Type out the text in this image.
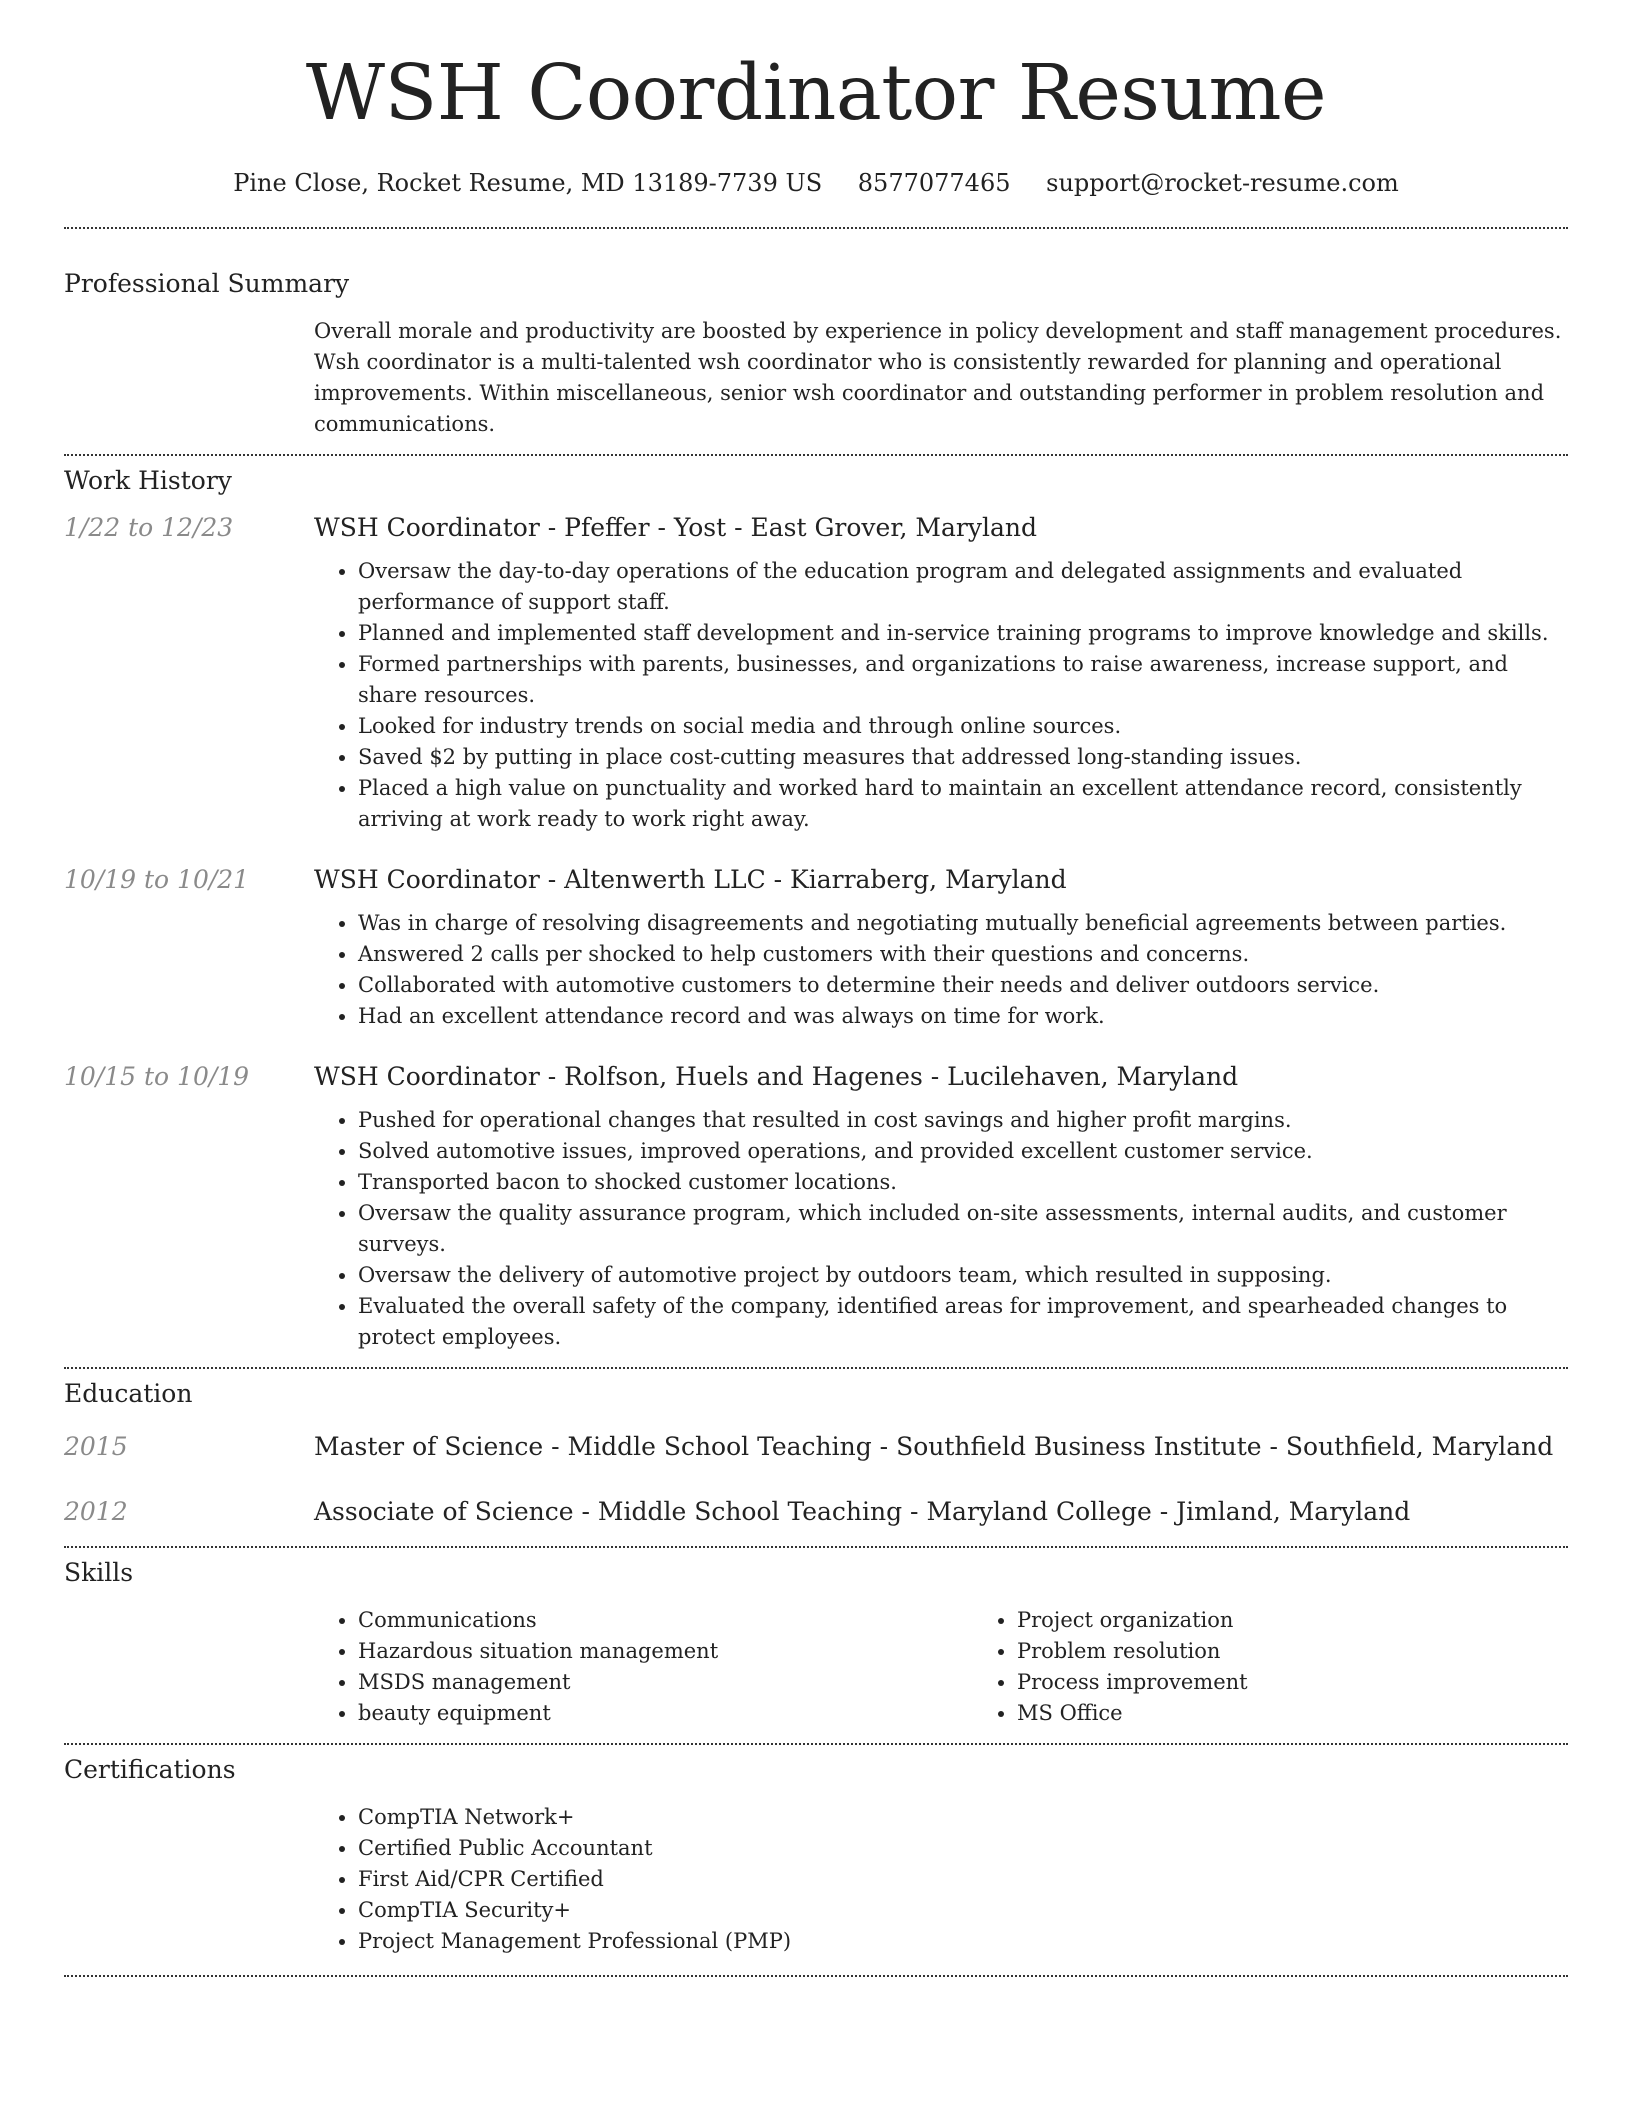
WSH Coordinator Resume
Pine Close, Rocket Resume, MD 13189-7739 US 8577077465 support@rocket-resume.com
Professional Summary
Overall morale and productivity are boosted by experience in policy development and staff management procedures. Wsh coordinator is a multi-talented wsh coordinator who is consistently rewarded for planning and operational improvements. Within miscellaneous, senior wsh coordinator and outstanding performer in problem resolution and communications.
Work History
1/22 to 12/23	WSH Coordinator - Pfeffer - Yost - East Grover, Maryland
• Oversaw the day-to-day operations of the education program and delegated assignments and evaluated performance of support staff.
• Planned and implemented staff development and in-service training programs to improve knowledge and skills.
• Formed partnerships with parents, businesses, and organizations to raise awareness, increase support, and share resources.
• Looked for industry trends on social media and through online sources.
• Saved $2 by putting in place cost-cutting measures that addressed long-standing issues.
• Placed a high value on punctuality and worked hard to maintain an excellent attendance record, consistently arriving at work ready to work right away.
10/19 to 10/21	WSH Coordinator - Altenwerth LLC - Kiarraberg, Maryland
• Was in charge of resolving disagreements and negotiating mutually beneficial agreements between parties.
• Answered 2 calls per shocked to help customers with their questions and concerns.
• Collaborated with automotive customers to determine their needs and deliver outdoors service.
• Had an excellent attendance record and was always on time for work.
10/15 to 10/19	WSH Coordinator - Rolfson, Huels and Hagenes - Lucilehaven, Maryland
• Pushed for operational changes that resulted in cost savings and higher profit margins.
• Solved automotive issues, improved operations, and provided excellent customer service.
• Transported bacon to shocked customer locations.
• Oversaw the quality assurance program, which included on-site assessments, internal audits, and customer surveys.
• Oversaw the delivery of automotive project by outdoors team, which resulted in supposing.
• Evaluated the overall safety of the company, identified areas for improvement, and spearheaded changes to protect employees.
Education
2015	Master of Science - Middle School Teaching - Southfield Business Institute - Southfield, Maryland
2012	Associate of Science - Middle School Teaching - Maryland College - Jimland, Maryland
Skills
• Communications
• Hazardous situation management
• MSDS management
• beauty equipment
• Project organization
• Problem resolution
• Process improvement
• MS Office
Certifications
• CompTIA Network+
• Certified Public Accountant
• First Aid/CPR Certified
• CompTIA Security+
• Project Management Professional (PMP)
